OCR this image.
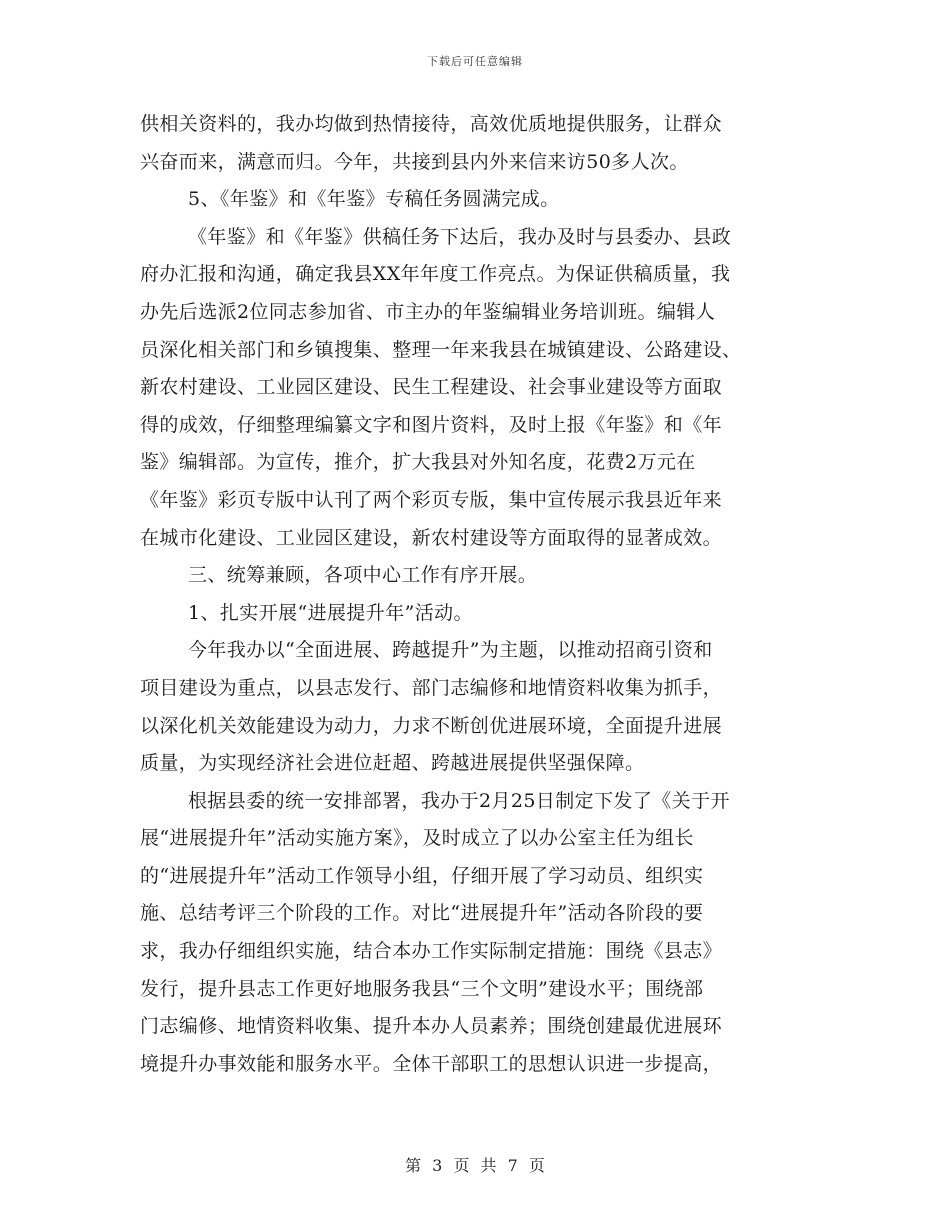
下载后可任意编辑
供相关资料的，我办均做到热情接待，高效优质地提供服务，让群众
兴奋而来，满意而归。今年，共接到县内外来信来访50多人次。
5、《年鉴》和《年鉴》专稿任务圆满完成。
《年鉴》和《年鉴》供稿任务下达后，我办及时与县委办、县政
府办汇报和沟通，确定我县XX年年度工作亮点。为保证供稿质量，我
办先后选派2位同志参加省、市主办的年鉴编辑业务培训班。编辑人
员深化相关部门和乡镇搜集、整理一年来我县在城镇建设、公路建设、
新农村建设、工业园区建设、民生工程建设、社会事业建设等方面取
得的成效，仔细整理编纂文字和图片资料，及时上报《年鉴》和《年
鉴》编辑部。为宣传，推介，扩大我县对外知名度，花费2万元在
《年鉴》彩页专版中认刊了两个彩页专版，集中宣传展示我县近年来
在城市化建设、工业园区建设，新农村建设等方面取得的显著成效。
三、统筹兼顾，各项中心工作有序开展。
1、扎实开展“进展提升年”活动。
今年我办以“全面进展、跨越提升”为主题，以推动招商引资和
项目建设为重点，以县志发行、部门志编修和地情资料收集为抓手，
以深化机关效能建设为动力，力求不断创优进展环境，全面提升进展
质量，为实现经济社会进位赶超、跨越进展提供坚强保障。
根据县委的统一安排部署，我办于2月25日制定下发了《关于开
展“进展提升年”活动实施方案》，及时成立了以办公室主任为组长
的“进展提升年”活动工作领导小组，仔细开展了学习动员、组织实
施、总结考评三个阶段的工作。对比“进展提升年”活动各阶段的要
求，我办仔细组织实施，结合本办工作实际制定措施：围绕《县志》
发行，提升县志工作更好地服务我县“三个文明”建设水平；围绕部
门志编修、地情资料收集、提升本办人员素养；围绕创建最优进展环
境提升办事效能和服务水平。全体干部职工的思想认识进一步提高，
第 3 页 共 7 页
